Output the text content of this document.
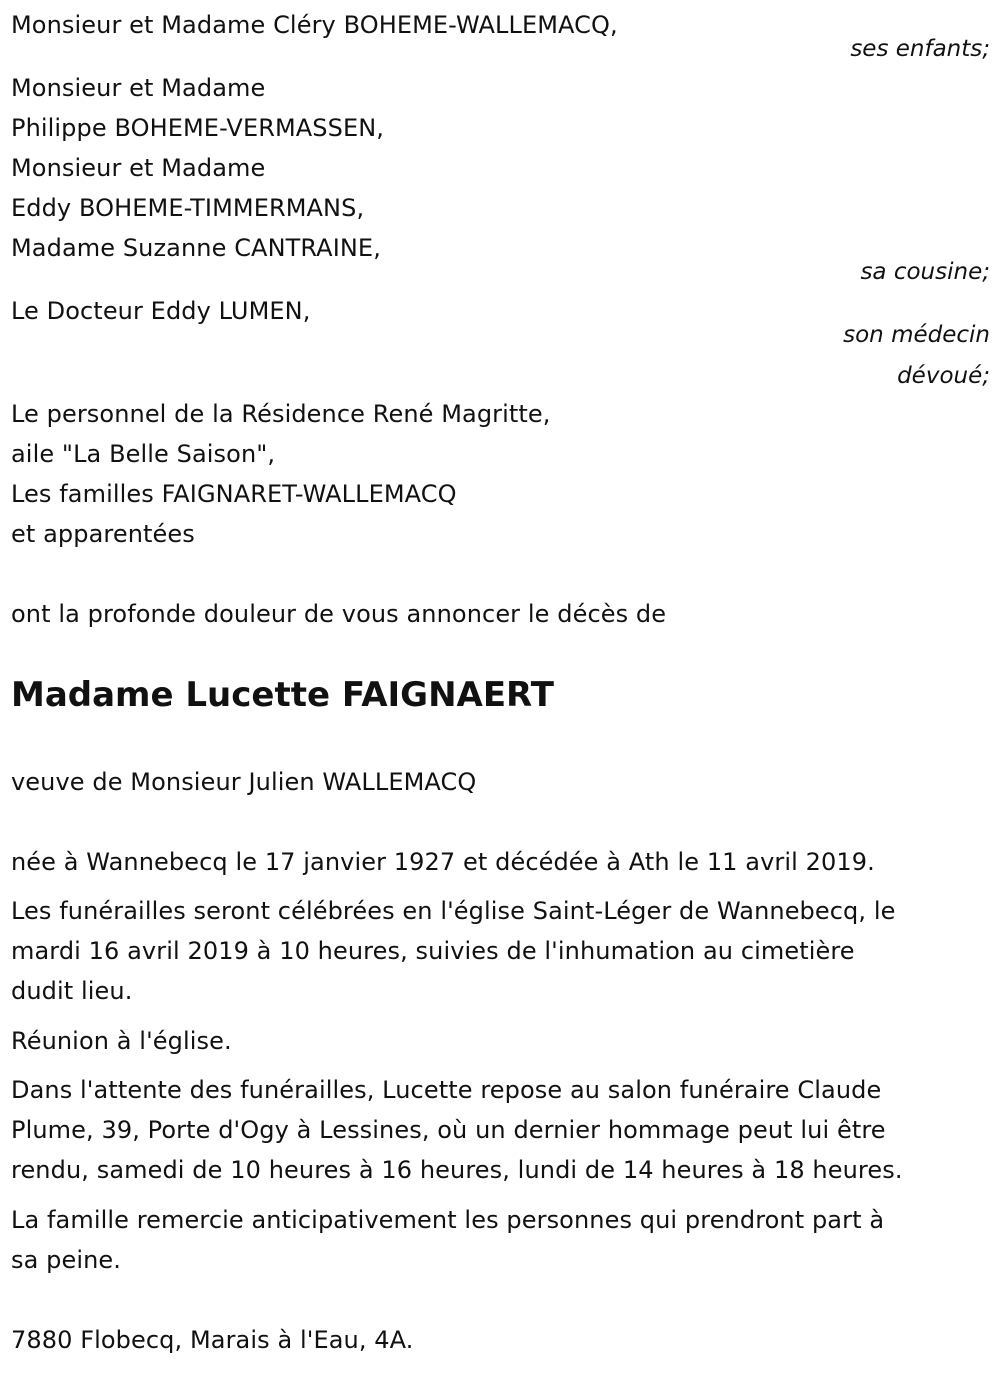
Monsieur et Madame Cléry BOHEME-WALLEMACQ,
ses enfants;
Monsieur et Madame
Philippe BOHEME-VERMASSEN,
Monsieur et Madame
Eddy BOHEME-TIMMERMANS,
Madame Suzanne CANTRAINE,
sa cousine;
Le Docteur Eddy LUMEN,
son médecin
dévoué;
Le personnel de la Résidence René Magritte,
aile "La Belle Saison",
Les familles FAIGNARET-WALLEMACQ
et apparentées
ont la profonde douleur de vous annoncer le décès de
Madame Lucette FAIGNAERT
veuve de Monsieur Julien WALLEMACQ
née à Wannebecq le 17 janvier 1927 et décédée à Ath le 11 avril 2019.
Les funérailles seront célébrées en l'église Saint-Léger de Wannebecq, le
mardi 16 avril 2019 à 10 heures, suivies de l'inhumation au cimetière
dudit lieu.
Réunion à l'église.
Dans l'attente des funérailles, Lucette repose au salon funéraire Claude
Plume, 39, Porte d'Ogy à Lessines, où un dernier hommage peut lui être
rendu, samedi de 10 heures à 16 heures, lundi de 14 heures à 18 heures.
La famille remercie anticipativement les personnes qui prendront part à
sa peine.
7880 Flobecq, Marais à l'Eau, 4A.
